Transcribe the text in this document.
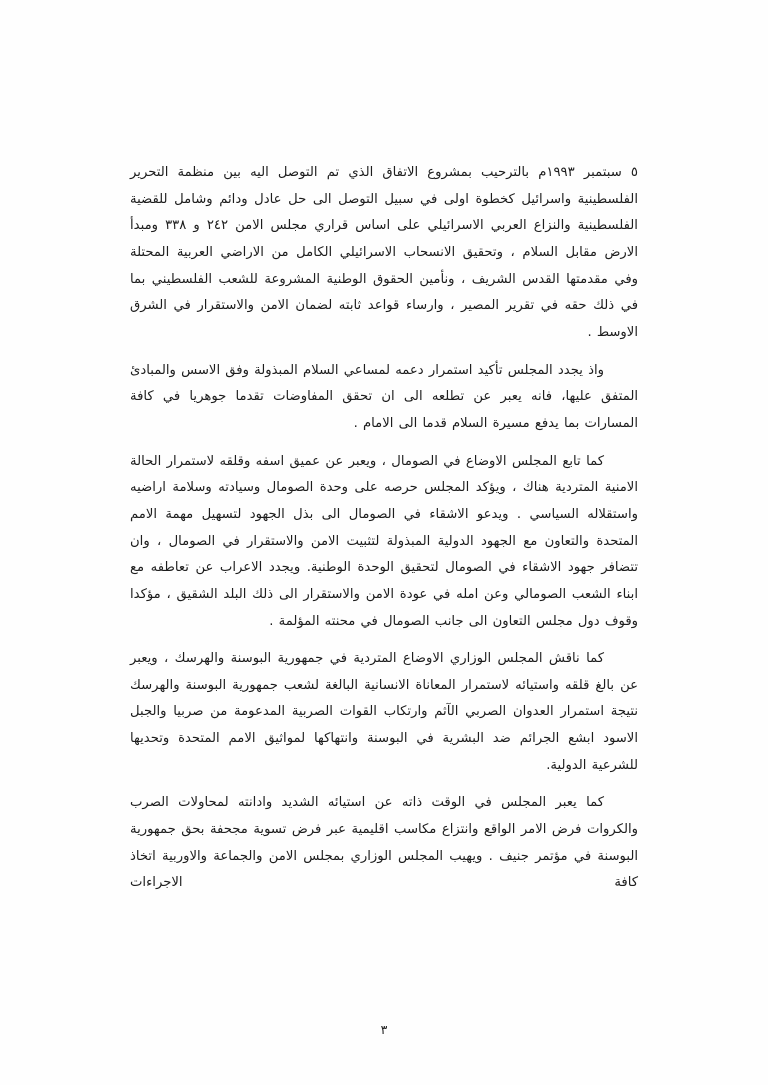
٥ سبتمبر ١٩٩٣م بالترحيب بمشروع الاتفاق الذي تم التوصل اليه بين منظمة التحرير الفلسطينية واسرائيل كخطوة اولى في سبيل التوصل الى حل عادل ودائم وشامل للقضية الفلسطينية والنزاع العربي الاسرائيلي على اساس قراري مجلس الامن ٢٤٢ و ٣٣٨ ومبدأ الارض مقابل السلام ، وتحقيق الانسحاب الاسرائيلي الكامل من الاراضي العربية المحتلة وفي مقدمتها القدس الشريف ، ونأمين الحقوق الوطنية المشروعة للشعب الفلسطيني بما في ذلك حقه في تقرير المصير ، وارساء قواعد ثابته لضمان الامن والاستقرار في الشرق الاوسط .

واذ يجدد المجلس تأكيد استمرار دعمه لمساعي السلام المبذولة وفق الاسس والمبادئ المتفق عليها، فانه يعبر عن تطلعه الى ان تحقق المفاوضات تقدما جوهريا في كافة المسارات بما يدفع مسيرة السلام قدما الى الامام .

كما تابع المجلس الاوضاع في الصومال ، ويعبر عن عميق اسفه وقلقه لاستمرار الحالة الامنية المتردية هناك ، ويؤكد المجلس حرصه على وحدة الصومال وسيادته وسلامة اراضيه واستقلاله السياسي . ويدعو الاشقاء في الصومال الى بذل الجهود لتسهيل مهمة الامم المتحدة والتعاون مع الجهود الدولية المبذولة لتثبيت الامن والاستقرار في الصومال ، وان تتضافر جهود الاشقاء في الصومال لتحقيق الوحدة الوطنية. ويجدد الاعراب عن تعاطفه مع ابناء الشعب الصومالي وعن امله في عودة الامن والاستقرار الى ذلك البلد الشقيق ، مؤكدا وقوف دول مجلس التعاون الى جانب الصومال في محنته المؤلمة .

كما ناقش المجلس الوزاري الاوضاع المتردية في جمهورية البوسنة والهرسك ، ويعبر عن بالغ قلقه واستيائه لاستمرار المعاناة الانسانية البالغة لشعب جمهورية البوسنة والهرسك نتيجة استمرار العدوان الصربي الآثم وارتكاب القوات الصربية المدعومة من صربيا والجبل الاسود ابشع الجرائم ضد البشرية في البوسنة وانتهاكها لمواثيق الامم المتحدة وتحديها للشرعية الدولية.

كما يعبر المجلس في الوقت ذاته عن استيائه الشديد وادانته لمحاولات الصرب والكروات فرض الامر الواقع وانتزاع مكاسب اقليمية عبر فرض تسوية مجحفة بحق جمهورية البوسنة في مؤتمر جنيف . ويهيب المجلس الوزاري بمجلس الامن والجماعة والاوربية اتخاذ كافة الاجراءات

٣
